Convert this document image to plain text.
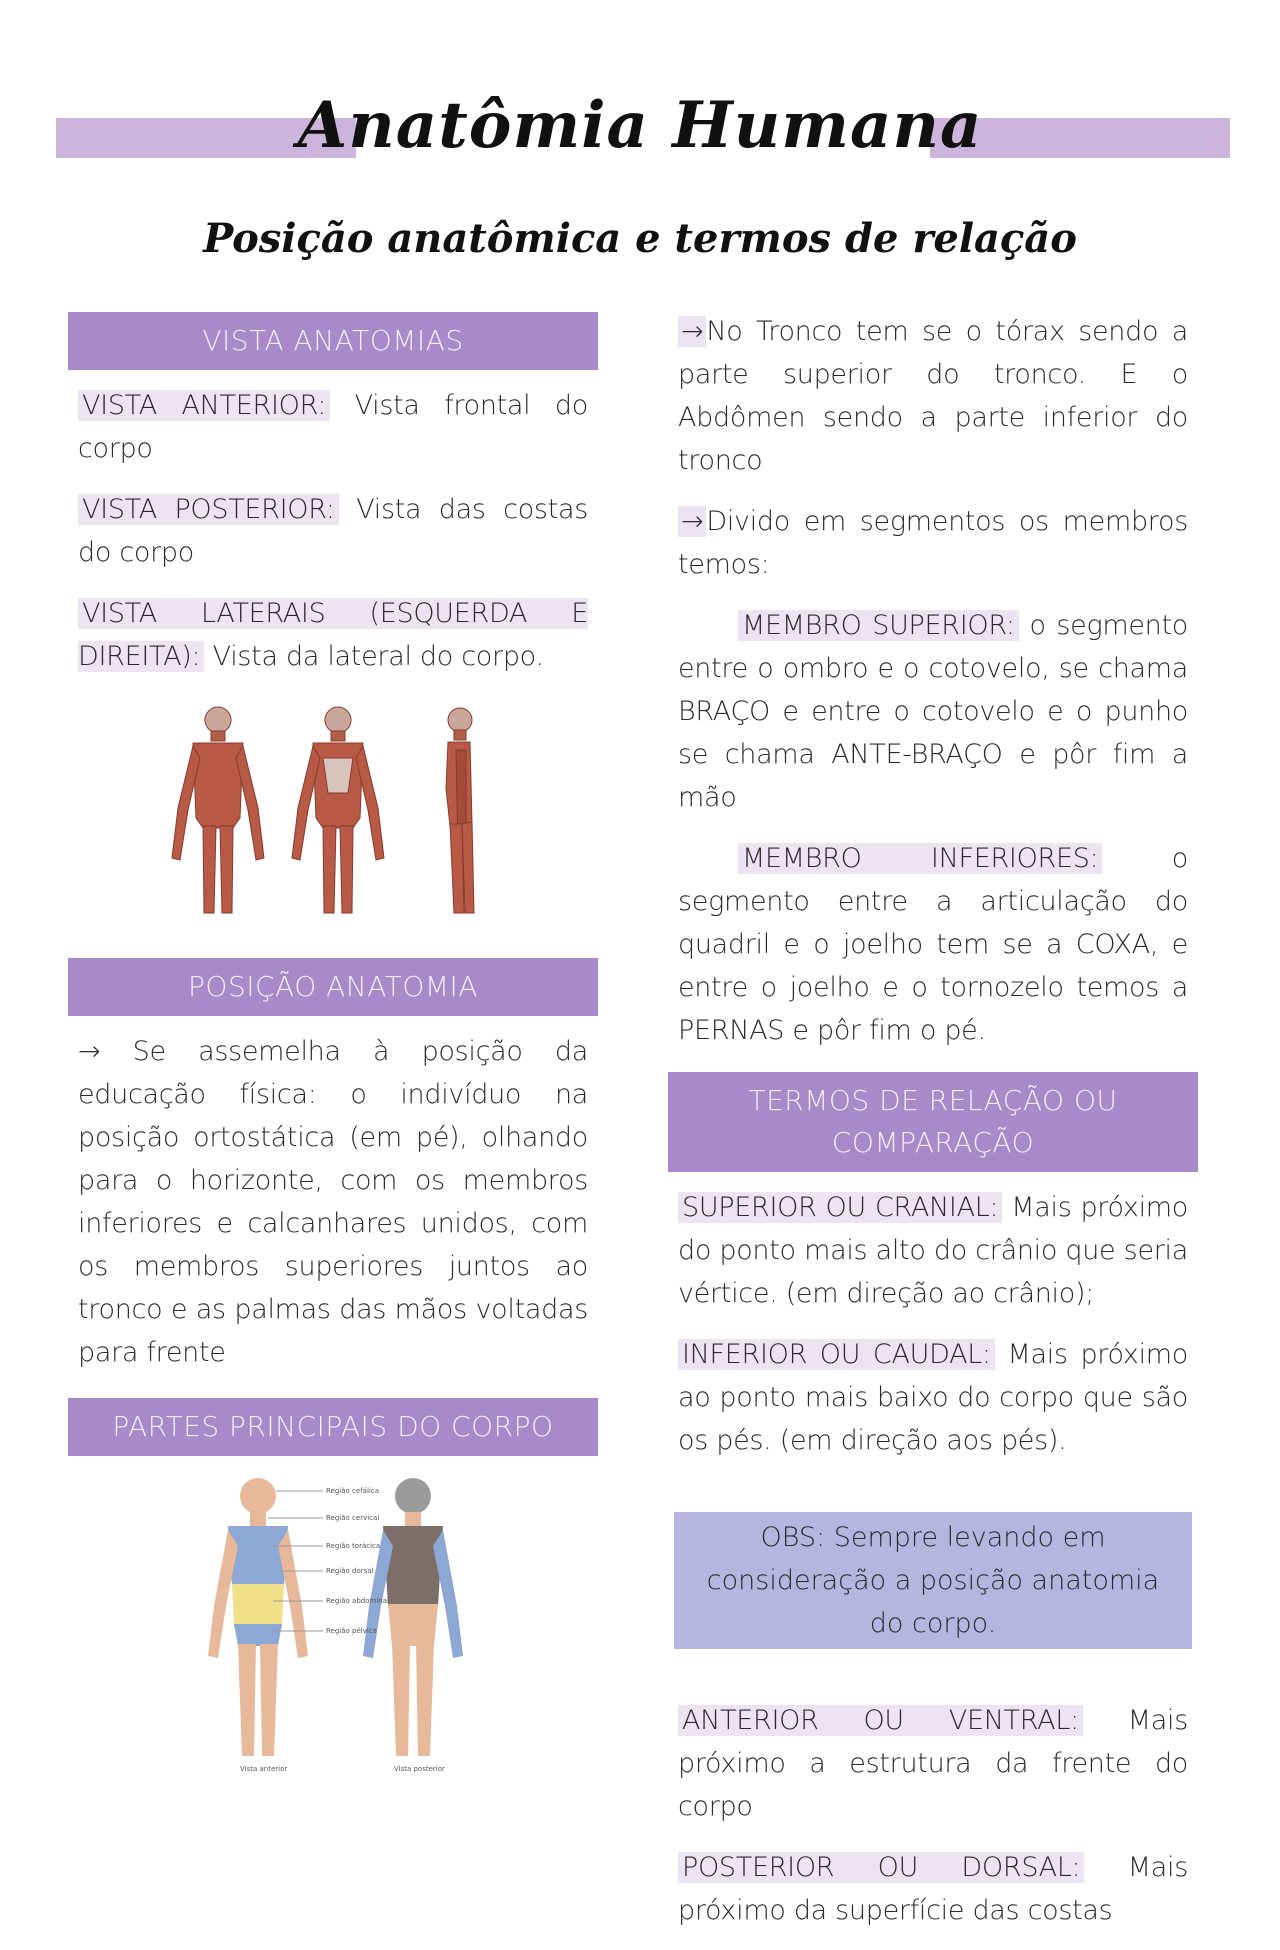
Anatômia Humana
Posição anatômica e termos de relação
VISTA ANATOMIAS
VISTA ANTERIOR: Vista frontal do corpo
VISTA POSTERIOR: Vista das costas do corpo
VISTA LATERAIS (ESQUERDA E DIREITA): Vista da lateral do corpo.
POSIÇÃO ANATOMIA
→ Se assemelha à posição da educação física: o indivíduo na posição ortostática (em pé), olhando para o horizonte, com os membros inferiores e calcanhares unidos, com os membros superiores juntos ao tronco e as palmas das mãos voltadas para frente
PARTES PRINCIPAIS DO CORPO
Região cefálica
Região cervical
Região torácica
Região dorsal
Região abdominal
Região pélvica
Vista anterior	Vista posterior
→ No Tronco tem se o tórax sendo a parte superior do tronco. E o Abdômen sendo a parte inferior do tronco
→ Divido em segmentos os membros temos:
MEMBRO SUPERIOR: o segmento entre o ombro e o cotovelo, se chama BRAÇO e entre o cotovelo e o punho se chama ANTE-BRAÇO e pôr fim a mão
MEMBRO INFERIORES: o segmento entre a articulação do quadril e o joelho tem se a COXA, e entre o joelho e o tornozelo temos a PERNAS e pôr fim o pé.
TERMOS DE RELAÇÃO OU COMPARAÇÃO
SUPERIOR OU CRANIAL: Mais próximo do ponto mais alto do crânio que seria vértice. (em direção ao crânio);
INFERIOR OU CAUDAL: Mais próximo ao ponto mais baixo do corpo que são os pés. (em direção aos pés).
OBS: Sempre levando em consideração a posição anatomia do corpo.
ANTERIOR OU VENTRAL: Mais próximo a estrutura da frente do corpo
POSTERIOR OU DORSAL: Mais próximo da superfície das costas
